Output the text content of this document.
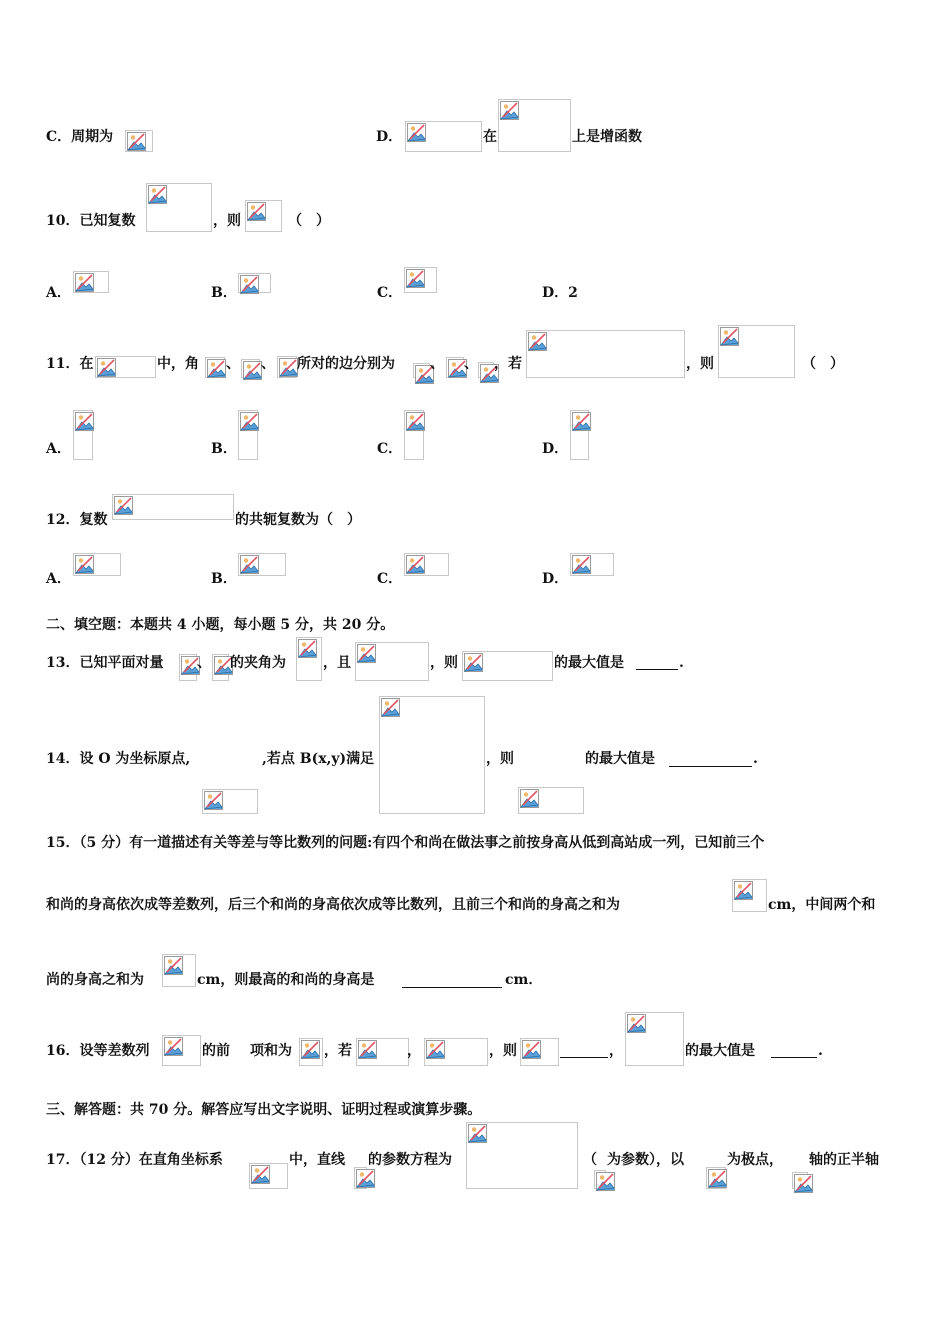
C．周期为	D．	在	上是增函数
10．已知复数	，则	（　）
A．	B．	C．	D．2
11．在	中，角 、 、 所对的边分别为	、 、 ，若	，则	（　）
A．	B．	C．	D．
12．复数	的共轭复数为（　）
A．	B．	C．	D．
二、填空题：本题共 4 小题，每小题 5 分，共 20 分。
13．已知平面对量 、 的夹角为	，且	，则	的最大值是	.
14．设 O 为坐标原点,	,若点 B(x,y)满足	，则	的最大值是	.
15．（5 分）有一道描述有关等差与等比数列的问题:有四个和尚在做法事之前按身高从低到高站成一列，已知前三个
和尚的身高依次成等差数列，后三个和尚的身高依次成等比数列，且前三个和尚的身高之和为	cm，中间两个和
尚的身高之和为	cm，则最高的和尚的身高是	cm．
16．设等差数列	的前 项和为 ，若	，	，则	，	的最大值是	.
三、解答题：共 70 分。解答应写出文字说明、证明过程或演算步骤。
17．（12 分）在直角坐标系	中，直线 的参数方程为	（ 为参数），以	为极点， 轴的正半轴
